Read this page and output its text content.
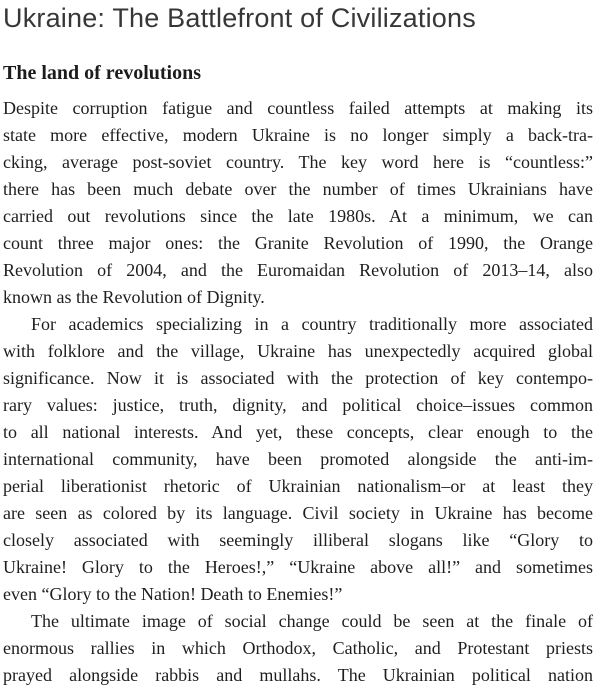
Ukraine: The Battlefront of Civilizations
The land of revolutions
Despite corruption fatigue and countless failed attempts at making its
state more effective, modern Ukraine is no longer simply a back-tra-
cking, average post-soviet country. The key word here is “countless:”
there has been much debate over the number of times Ukrainians have
carried out revolutions since the late 1980s. At a minimum, we can
count three major ones: the Granite Revolution of 1990, the Orange
Revolution of 2004, and the Euromaidan Revolution of 2013–14, also
known as the Revolution of Dignity.
For academics specializing in a country traditionally more associated
with folklore and the village, Ukraine has unexpectedly acquired global
significance. Now it is associated with the protection of key contempo-
rary values: justice, truth, dignity, and political choice–issues common
to all national interests. And yet, these concepts, clear enough to the
international community, have been promoted alongside the anti-im-
perial liberationist rhetoric of Ukrainian nationalism–or at least they
are seen as colored by its language. Civil society in Ukraine has become
closely associated with seemingly illiberal slogans like “Glory to
Ukraine! Glory to the Heroes!,” “Ukraine above all!” and sometimes
even “Glory to the Nation! Death to Enemies!”
The ultimate image of social change could be seen at the finale of
enormous rallies in which Orthodox, Catholic, and Protestant priests
prayed alongside rabbis and mullahs. The Ukrainian political nation
